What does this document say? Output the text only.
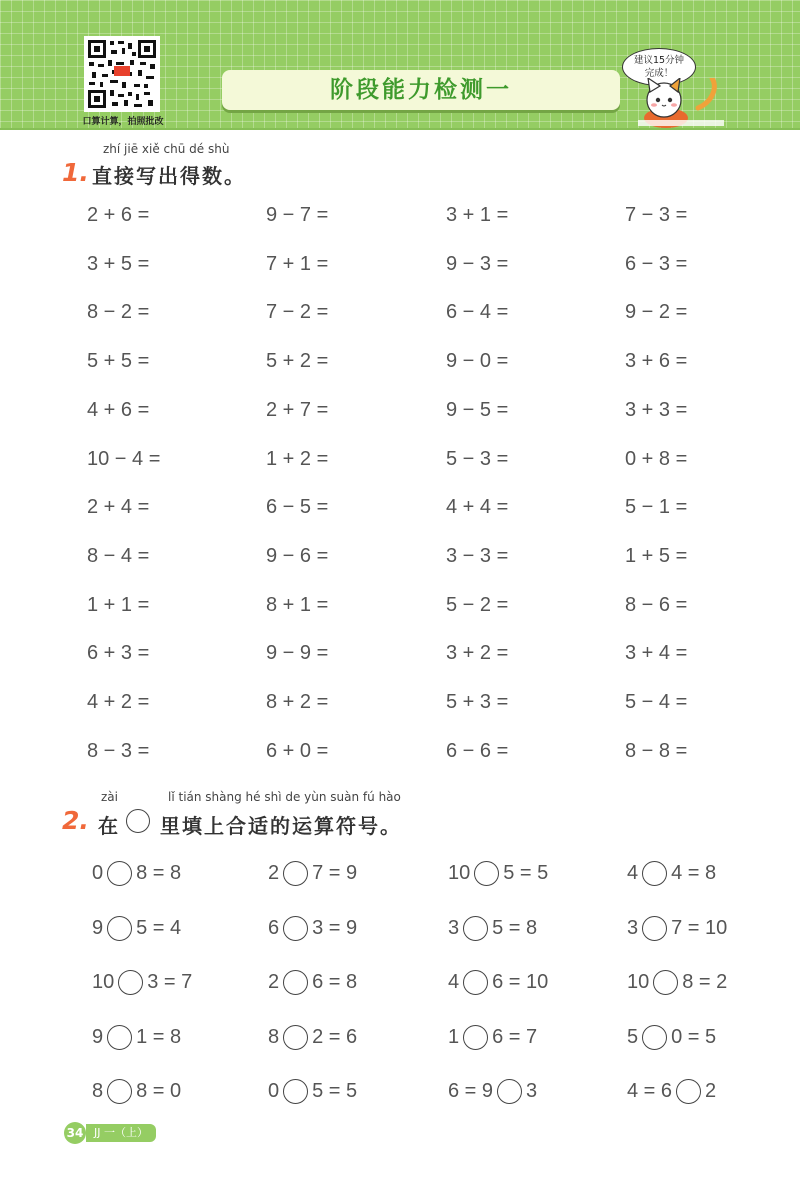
口算计算，拍照批改
阶段能力检测一
建议15分钟
完成！
zhí jiē xiě chū dé shù
1. 直接写出得数。
2 + 6 =	9 − 7 =	3 + 1 =	7 − 3 =
3 + 5 =	7 + 1 =	9 − 3 =	6 − 3 =
8 − 2 =	7 − 2 =	6 − 4 =	9 − 2 =
5 + 5 =	5 + 2 =	9 − 0 =	3 + 6 =
4 + 6 =	2 + 7 =	9 − 5 =	3 + 3 =
10 − 4 =	1 + 2 =	5 − 3 =	0 + 8 =
2 + 4 =	6 − 5 =	4 + 4 =	5 − 1 =
8 − 4 =	9 − 6 =	3 − 3 =	1 + 5 =
1 + 1 =	8 + 1 =	5 − 2 =	8 − 6 =
6 + 3 =	9 − 9 =	3 + 2 =	3 + 4 =
4 + 2 =	8 + 2 =	5 + 3 =	5 − 4 =
8 − 3 =	6 + 0 =	6 − 6 =	8 − 8 =
zài	lǐ tián shàng hé shì de yùn suàn fú hào
2. 在 里填上合适的运算符号。
0 8 = 8	2 7 = 9	10 5 = 5	4 4 = 8
9 5 = 4	6 3 = 9	3 5 = 8	3 7 = 10
10 3 = 7	2 6 = 8	4 6 = 10	10 8 = 2
9 1 = 8	8 2 = 6	1 6 = 7	5 0 = 5
8 8 = 0	0 5 = 5	6 = 9 3	4 = 6 2
34 JJ 一（上）
